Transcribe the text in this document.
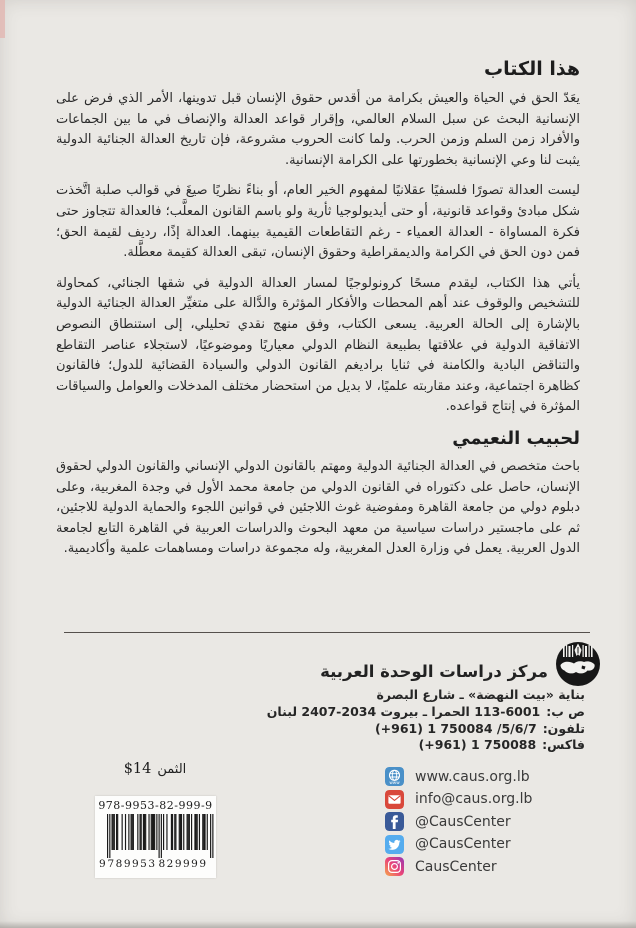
هذا الكتاب

يعَدّ الحق في الحياة والعيش بكرامة من أقدس حقوق الإنسان قبل تدوينها، الأمر الذي فرض على الإنسانية البحث عن سبل السلام العالمي، وإقرار قواعد العدالة والإنصاف في ما بين الجماعات والأفراد زمن السلم وزمن الحرب. ولما كانت الحروب مشروعة، فإن تاريخ العدالة الجنائية الدولية يثبت لنا وعي الإنسانية بخطورتها على الكرامة الإنسانية.

ليست العدالة تصورًا فلسفيًا عقلانيًا لمفهوم الخير العام، أو بناءً نظريًا صيغَ في قوالب صلبة اتَّخذت شكل مبادئ وقواعد قانونية، أو حتى أيديولوجيا ثأرية ولو باسم القانون المعلَّب؛ فالعدالة تتجاوز حتى فكرة المساواة - العدالة العمياء - رغم التقاطعات القيمية بينهما. العدالة إذًا، رديف لقيمة الحق؛ فمن دون الحق في الكرامة والديمقراطية وحقوق الإنسان، تبقى العدالة كقيمة معطَّلة.

يأتي هذا الكتاب، ليقدم مسحًا كرونولوجيًا لمسار العدالة الدولية في شقها الجنائي، كمحاولة للتشخيص والوقوف عند أهم المحطات والأفكار المؤثرة والدَّالة على متغيِّر العدالة الجنائية الدولية بالإشارة إلى الحالة العربية. يسعى الكتاب، وفق منهج نقدي تحليلي، إلى استنطاق النصوص الاتفاقية الدولية في علاقتها بطبيعة النظام الدولي معياريًا وموضوعيًا، لاستجلاء عناصر التقاطع والتناقض البادية والكامنة في ثنايا براديغم القانون الدولي والسيادة القضائية للدول؛ فالقانون كظاهرة اجتماعية، وعند مقاربته علميًا، لا بديل من استحضار مختلف المدخلات والعوامل والسياقات المؤثرة في إنتاج قواعده.

لحبيب النعيمي

باحث متخصص في العدالة الجنائية الدولية ومهتم بالقانون الدولي الإنساني والقانون الدولي لحقوق الإنسان، حاصل على دكتوراه في القانون الدولي من جامعة محمد الأول في وجدة المغربية، وعلى دبلوم دولي من جامعة القاهرة ومفوضية غوث اللاجئين في قوانين اللجوء والحماية الدولية للاجئين، ثم على ماجستير دراسات سياسية من معهد البحوث والدراسات العربية في القاهرة التابع لجامعة الدول العربية. يعمل في وزارة العدل المغربية، وله مجموعة دراسات ومساهمات علمية وأكاديمية.

مركز دراسات الوحدة العربية
بناية «بيت النهضة» ـ شارع البصرة
ص ب:
113-6001 الحمرا ـ بيروت 2034-2407 لبنان
تلفون:
(+961) 1 750084 /5/6/7
فاكس:
(+961) 1 750088
www www.caus.org.lb
info@caus.org.lb
@CausCenter
@CausCenter
CausCenter
الثمن
$14
978-9953-82-999-9
9 789953 829999
